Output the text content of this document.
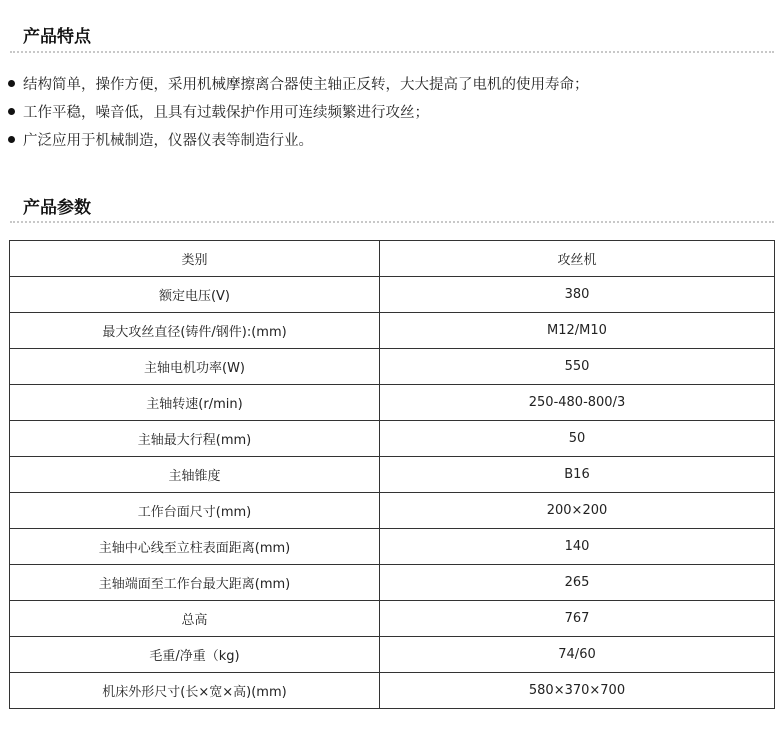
产品特点
结构简单，操作方便，采用机械摩擦离合器使主轴正反转，大大提高了电机的使用寿命；
工作平稳，噪音低，且具有过载保护作用可连续频繁进行攻丝；
广泛应用于机械制造，仪器仪表等制造行业。
产品参数
类别	攻丝机
额定电压(V)	380
最大攻丝直径(铸件/钢件):(mm)	M12/M10
主轴电机功率(W)	550
主轴转速(r/min)	250-480-800/3
主轴最大行程(mm)	50
主轴锥度	B16
工作台面尺寸(mm)	200×200
主轴中心线至立柱表面距离(mm)	140
主轴端面至工作台最大距离(mm)	265
总高	767
毛重/净重（kg)	74/60
机床外形尺寸(长×宽×高)(mm)	580×370×700
